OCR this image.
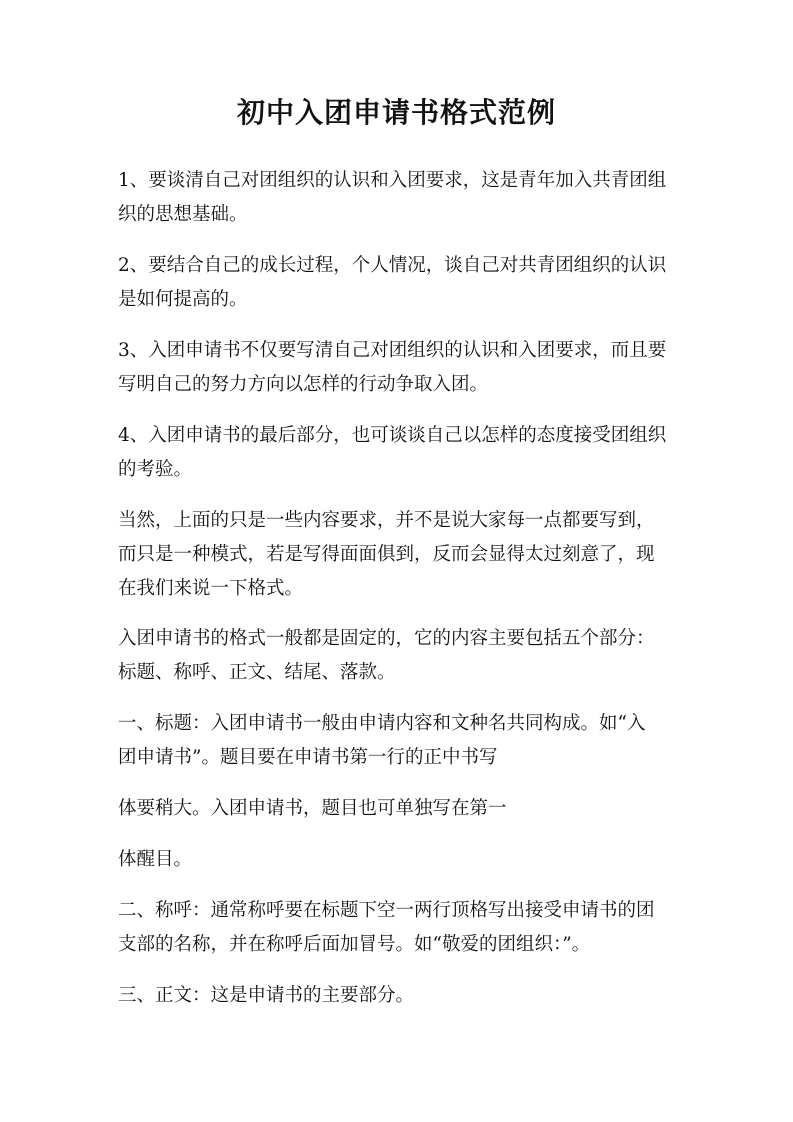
初中入团申请书格式范例

1、要谈清自己对团组织的认识和入团要求，这是青年加入共青团组
织的思想基础。

2、要结合自己的成长过程，个人情况，谈自己对共青团组织的认识
是如何提高的。

3、入团申请书不仅要写清自己对团组织的认识和入团要求，而且要
写明自己的努力方向以怎样的行动争取入团。

4、入团申请书的最后部分，也可谈谈自己以怎样的态度接受团组织
的考验。

当然，上面的只是一些内容要求，并不是说大家每一点都要写到，
而只是一种模式，若是写得面面俱到，反而会显得太过刻意了，现
在我们来说一下格式。

入团申请书的格式一般都是固定的，它的内容主要包括五个部分：
标题、称呼、正文、结尾、落款。

一、标题：入团申请书一般由申请内容和文种名共同构成。如“入
团申请书”。题目要在申请书第一行的正中书写

体要稍大。入团申请书，题目也可单独写在第一

体醒目。

二、称呼：通常称呼要在标题下空一两行顶格写出接受申请书的团
支部的名称，并在称呼后面加冒号。如“敬爱的团组织：”。

三、正文：这是申请书的主要部分。
